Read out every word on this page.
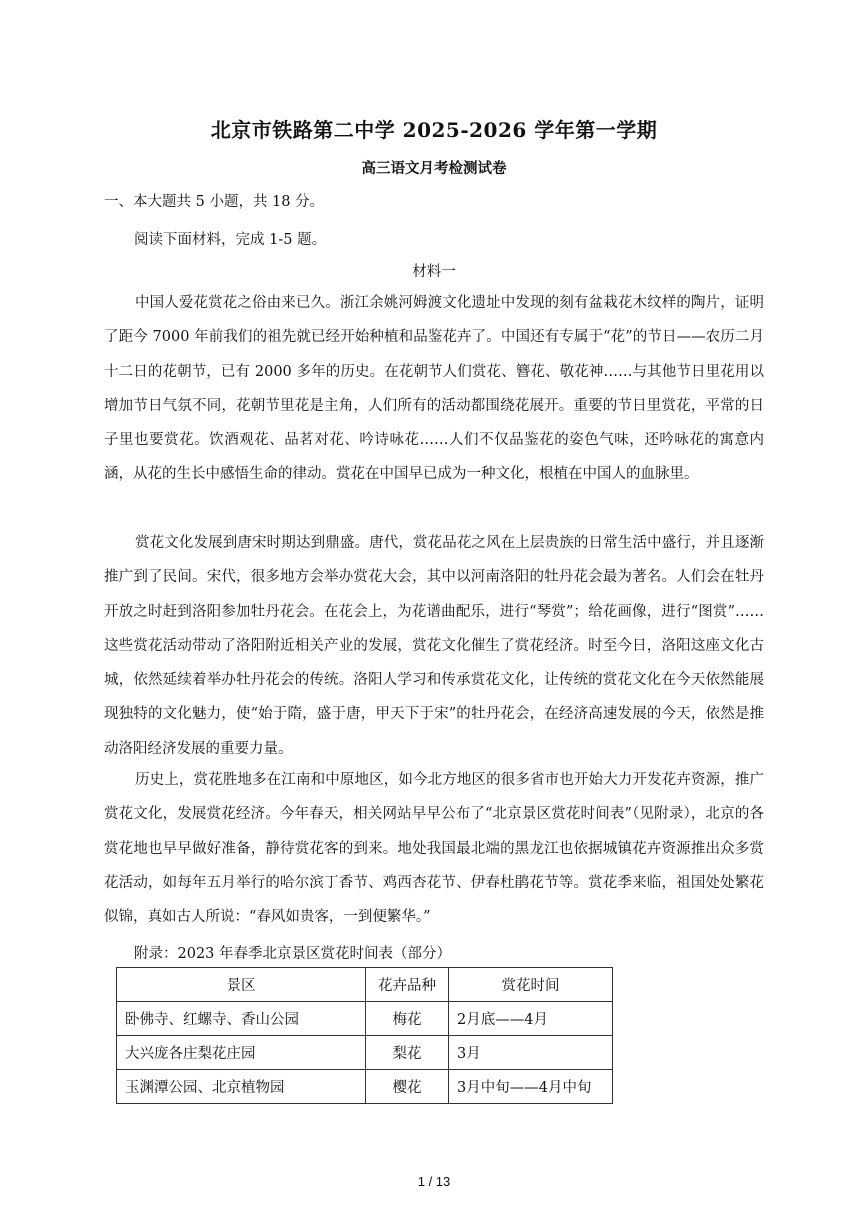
北京市铁路第二中学 2025-2026 学年第一学期
高三语文月考检测试卷
一、本大题共 5 小题，共 18 分。
阅读下面材料，完成 1-5 题。
材料一

中国人爱花赏花之俗由来已久。浙江余姚河姆渡文化遗址中发现的刻有盆栽花木纹样的陶片，证明了距今 7000 年前我们的祖先就已经开始种植和品鉴花卉了。中国还有专属于“花”的节日——农历二月十二日的花朝节，已有 2000 多年的历史。在花朝节人们赏花、簪花、敬花神……与其他节日里花用以增加节日气氛不同，花朝节里花是主角，人们所有的活动都围绕花展开。重要的节日里赏花，平常的日子里也要赏花。饮酒观花、品茗对花、吟诗咏花……人们不仅品鉴花的姿色气味，还吟咏花的寓意内涵，从花的生长中感悟生命的律动。赏花在中国早已成为一种文化，根植在中国人的血脉里。

赏花文化发展到唐宋时期达到鼎盛。唐代，赏花品花之风在上层贵族的日常生活中盛行，并且逐渐推广到了民间。宋代，很多地方会举办赏花大会，其中以河南洛阳的牡丹花会最为著名。人们会在牡丹开放之时赶到洛阳参加牡丹花会。在花会上，为花谱曲配乐，进行“琴赏”；给花画像，进行“图赏”……这些赏花活动带动了洛阳附近相关产业的发展，赏花文化催生了赏花经济。时至今日，洛阳这座文化古城，依然延续着举办牡丹花会的传统。洛阳人学习和传承赏花文化，让传统的赏花文化在今天依然能展现独特的文化魅力，使“始于隋，盛于唐，甲天下于宋”的牡丹花会，在经济高速发展的今天，依然是推动洛阳经济发展的重要力量。

历史上，赏花胜地多在江南和中原地区，如今北方地区的很多省市也开始大力开发花卉资源，推广赏花文化，发展赏花经济。今年春天，相关网站早早公布了“北京景区赏花时间表”（见附录），北京的各赏花地也早早做好准备，静待赏花客的到来。地处我国最北端的黑龙江也依据城镇花卉资源推出众多赏花活动，如每年五月举行的哈尔滨丁香节、鸡西杏花节、伊春杜鹃花节等。赏花季来临，祖国处处繁花似锦，真如古人所说：“春风如贵客，一到便繁华。”

附录：2023 年春季北京景区赏花时间表（部分）
景区	花卉品种	赏花时间
卧佛寺、红螺寺、香山公园	梅花	2月底——4月
大兴庞各庄梨花庄园	梨花	3月
玉渊潭公园、北京植物园	樱花	3月中旬——4月中旬
1 / 13
